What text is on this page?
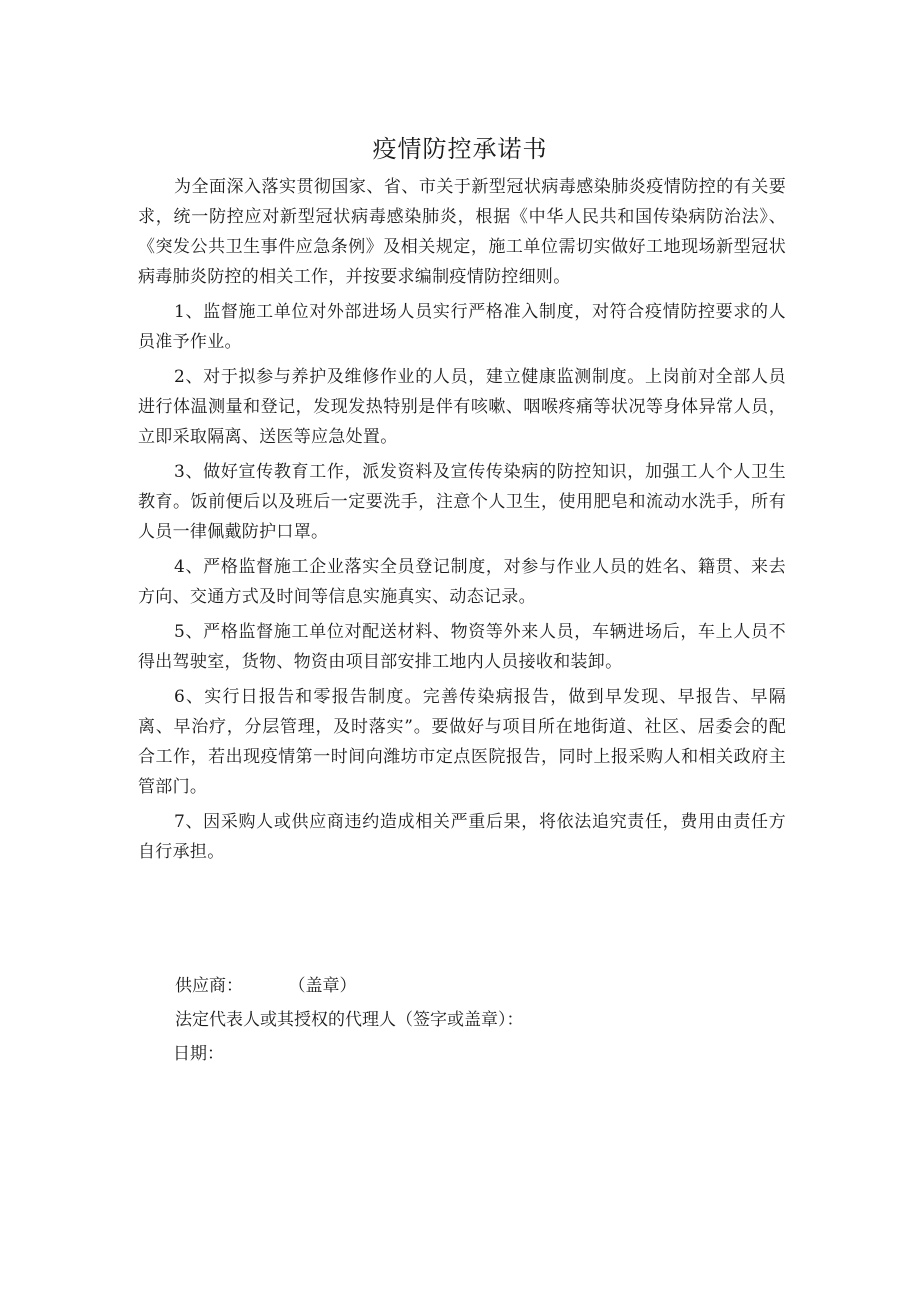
疫情防控承诺书

为全面深入落实贯彻国家、省、市关于新型冠状病毒感染肺炎疫情防控的有关要求，统一防控应对新型冠状病毒感染肺炎，根据《中华人民共和国传染病防治法》、《突发公共卫生事件应急条例》及相关规定，施工单位需切实做好工地现场新型冠状病毒肺炎防控的相关工作，并按要求编制疫情防控细则。

1、监督施工单位对外部进场人员实行严格准入制度，对符合疫情防控要求的人员准予作业。

2、对于拟参与养护及维修作业的人员，建立健康监测制度。上岗前对全部人员进行体温测量和登记，发现发热特别是伴有咳嗽、咽喉疼痛等状况等身体异常人员，立即采取隔离、送医等应急处置。

3、做好宣传教育工作，派发资料及宣传传染病的防控知识，加强工人个人卫生教育。饭前便后以及班后一定要洗手，注意个人卫生，使用肥皂和流动水洗手，所有人员一律佩戴防护口罩。

4、严格监督施工企业落实全员登记制度，对参与作业人员的姓名、籍贯、来去方向、交通方式及时间等信息实施真实、动态记录。

5、严格监督施工单位对配送材料、物资等外来人员，车辆进场后，车上人员不得出驾驶室，货物、物资由项目部安排工地内人员接收和装卸。

6、实行日报告和零报告制度。完善传染病报告，做到早发现、早报告、早隔离、早治疗，分层管理，及时落实”。要做好与项目所在地街道、社区、居委会的配合工作，若出现疫情第一时间向潍坊市定点医院报告，同时上报采购人和相关政府主管部门。

7、因采购人或供应商违约造成相关严重后果，将依法追究责任，费用由责任方自行承担。

供应商：	（盖章）
法定代表人或其授权的代理人（签字或盖章）：
日期：
